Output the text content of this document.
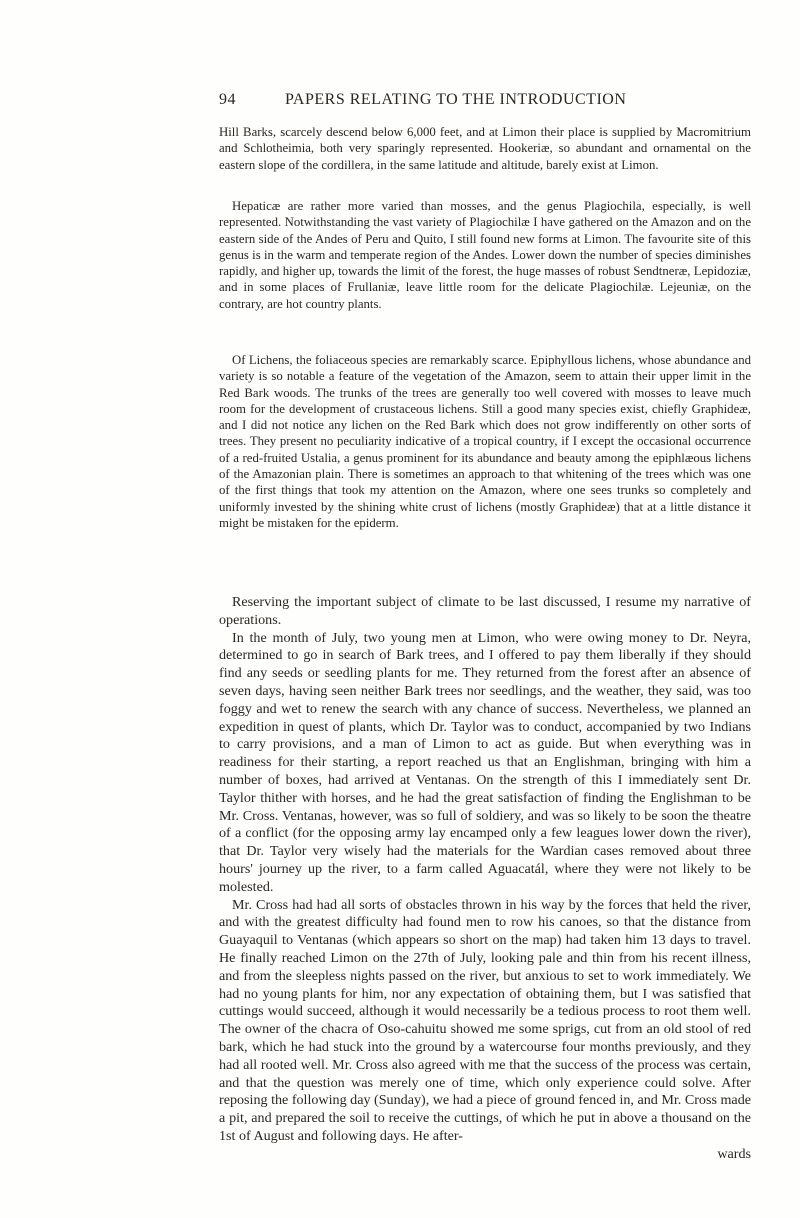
94	PAPERS RELATING TO THE INTRODUCTION

Hill Barks, scarcely descend below 6,000 feet, and at Limon their place is supplied by Macromitrium and Schlotheimia, both very sparingly represented. Hookeriæ, so abundant and ornamental on the eastern slope of the cordillera, in the same latitude and altitude, barely exist at Limon.

Hepaticæ are rather more varied than mosses, and the genus Plagiochila, especially, is well represented. Notwithstanding the vast variety of Plagiochilæ I have gathered on the Amazon and on the eastern side of the Andes of Peru and Quito, I still found new forms at Limon. The favourite site of this genus is in the warm and temperate region of the Andes. Lower down the number of species diminishes rapidly, and higher up, towards the limit of the forest, the huge masses of robust Sendtneræ, Lepidoziæ, and in some places of Frullaniæ, leave little room for the delicate Plagiochilæ. Lejeuniæ, on the contrary, are hot country plants.

Of Lichens, the foliaceous species are remarkably scarce. Epiphyllous lichens, whose abundance and variety is so notable a feature of the vegetation of the Amazon, seem to attain their upper limit in the Red Bark woods. The trunks of the trees are generally too well covered with mosses to leave much room for the development of crustaceous lichens. Still a good many species exist, chiefly Graphideæ, and I did not notice any lichen on the Red Bark which does not grow indifferently on other sorts of trees. They present no peculiarity indicative of a tropical country, if I except the occasional occurrence of a red-fruited Ustalia, a genus prominent for its abundance and beauty among the epiphlæous lichens of the Amazonian plain. There is sometimes an approach to that whitening of the trees which was one of the first things that took my attention on the Amazon, where one sees trunks so completely and uniformly invested by the shining white crust of lichens (mostly Graphideæ) that at a little distance it might be mistaken for the epiderm.

Reserving the important subject of climate to be last discussed, I resume my narrative of operations.

In the month of July, two young men at Limon, who were owing money to Dr. Neyra, determined to go in search of Bark trees, and I offered to pay them liberally if they should find any seeds or seedling plants for me. They returned from the forest after an absence of seven days, having seen neither Bark trees nor seedlings, and the weather, they said, was too foggy and wet to renew the search with any chance of success. Nevertheless, we planned an expedition in quest of plants, which Dr. Taylor was to conduct, accompanied by two Indians to carry provisions, and a man of Limon to act as guide. But when everything was in readiness for their starting, a report reached us that an Englishman, bringing with him a number of boxes, had arrived at Ventanas. On the strength of this I immediately sent Dr. Taylor thither with horses, and he had the great satisfaction of finding the Englishman to be Mr. Cross. Ventanas, however, was so full of soldiery, and was so likely to be soon the theatre of a conflict (for the opposing army lay encamped only a few leagues lower down the river), that Dr. Taylor very wisely had the materials for the Wardian cases removed about three hours' journey up the river, to a farm called Aguacatál, where they were not likely to be molested.

Mr. Cross had had all sorts of obstacles thrown in his way by the forces that held the river, and with the greatest difficulty had found men to row his canoes, so that the distance from Guayaquil to Ventanas (which appears so short on the map) had taken him 13 days to travel. He finally reached Limon on the 27th of July, looking pale and thin from his recent illness, and from the sleepless nights passed on the river, but anxious to set to work immediately. We had no young plants for him, nor any expectation of obtaining them, but I was satisfied that cuttings would succeed, although it would necessarily be a tedious process to root them well. The owner of the chacra of Oso-cahuitu showed me some sprigs, cut from an old stool of red bark, which he had stuck into the ground by a watercourse four months previously, and they had all rooted well. Mr. Cross also agreed with me that the success of the process was certain, and that the question was merely one of time, which only experience could solve. After reposing the following day (Sunday), we had a piece of ground fenced in, and Mr. Cross made a pit, and prepared the soil to receive the cuttings, of which he put in above a thousand on the 1st of August and following days. He after-

wards
